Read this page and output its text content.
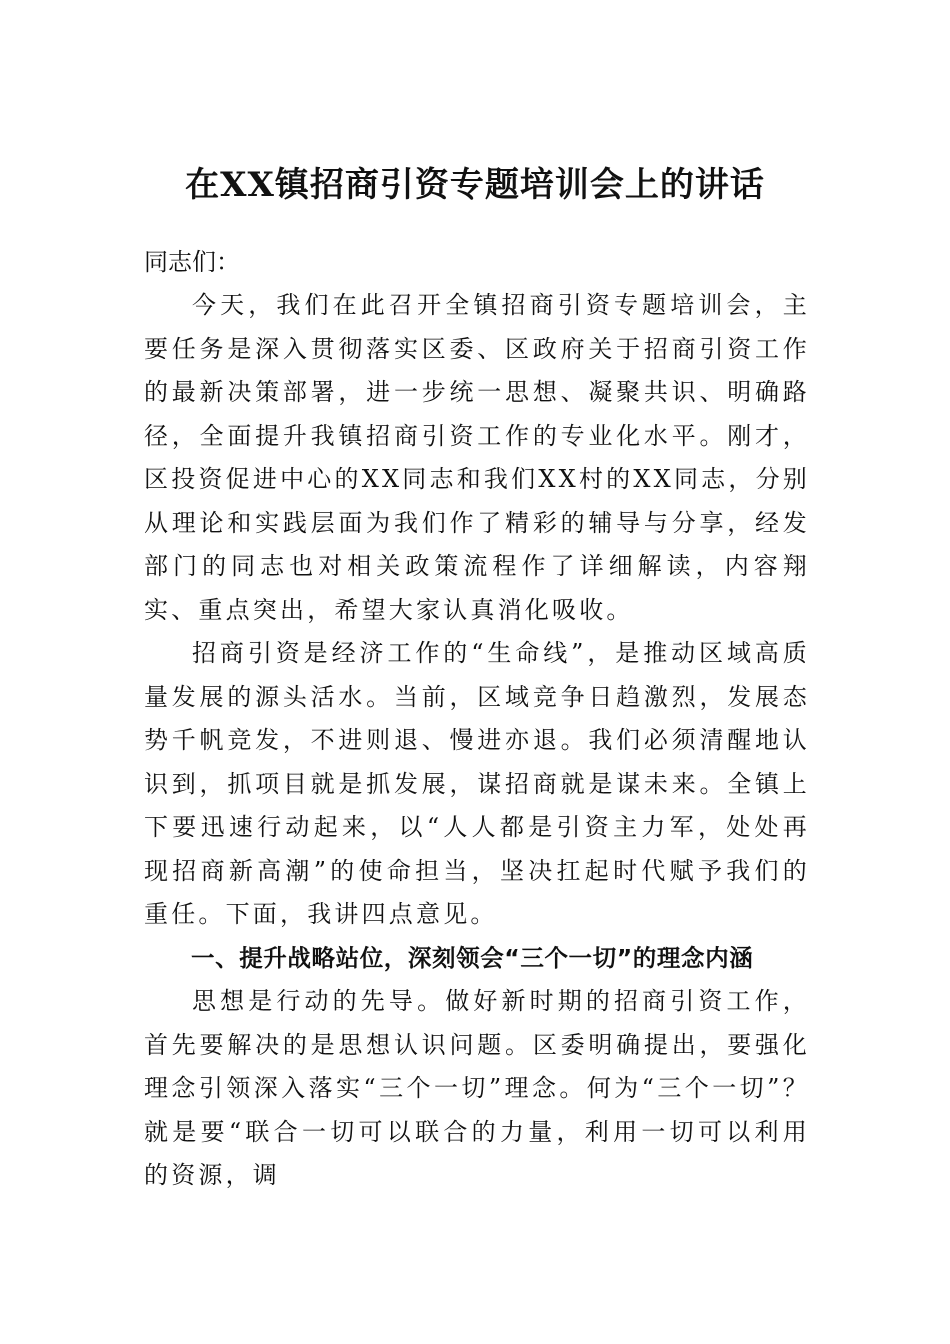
在XX镇招商引资专题培训会上的讲话

同志们：

今天，我们在此召开全镇招商引资专题培训会，主要任务是深入贯彻落实区委、区政府关于招商引资工作的最新决策部署，进一步统一思想、凝聚共识、明确路径，全面提升我镇招商引资工作的专业化水平。刚才，区投资促进中心的XX同志和我们XX村的XX同志，分别从理论和实践层面为我们作了精彩的辅导与分享，经发部门的同志也对相关政策流程作了详细解读，内容翔实、重点突出，希望大家认真消化吸收。

招商引资是经济工作的“生命线”，是推动区域高质量发展的源头活水。当前，区域竞争日趋激烈，发展态势千帆竞发，不进则退、慢进亦退。我们必须清醒地认识到，抓项目就是抓发展，谋招商就是谋未来。全镇上下要迅速行动起来，以“人人都是引资主力军，处处再现招商新高潮”的使命担当，坚决扛起时代赋予我们的重任。下面，我讲四点意见。

一、提升战略站位，深刻领会“三个一切”的理念内涵

思想是行动的先导。做好新时期的招商引资工作，首先要解决的是思想认识问题。区委明确提出，要强化理念引领深入落实“三个一切”理念。何为“三个一切”？就是要“联合一切可以联合的力量，利用一切可以利用的资源，调
